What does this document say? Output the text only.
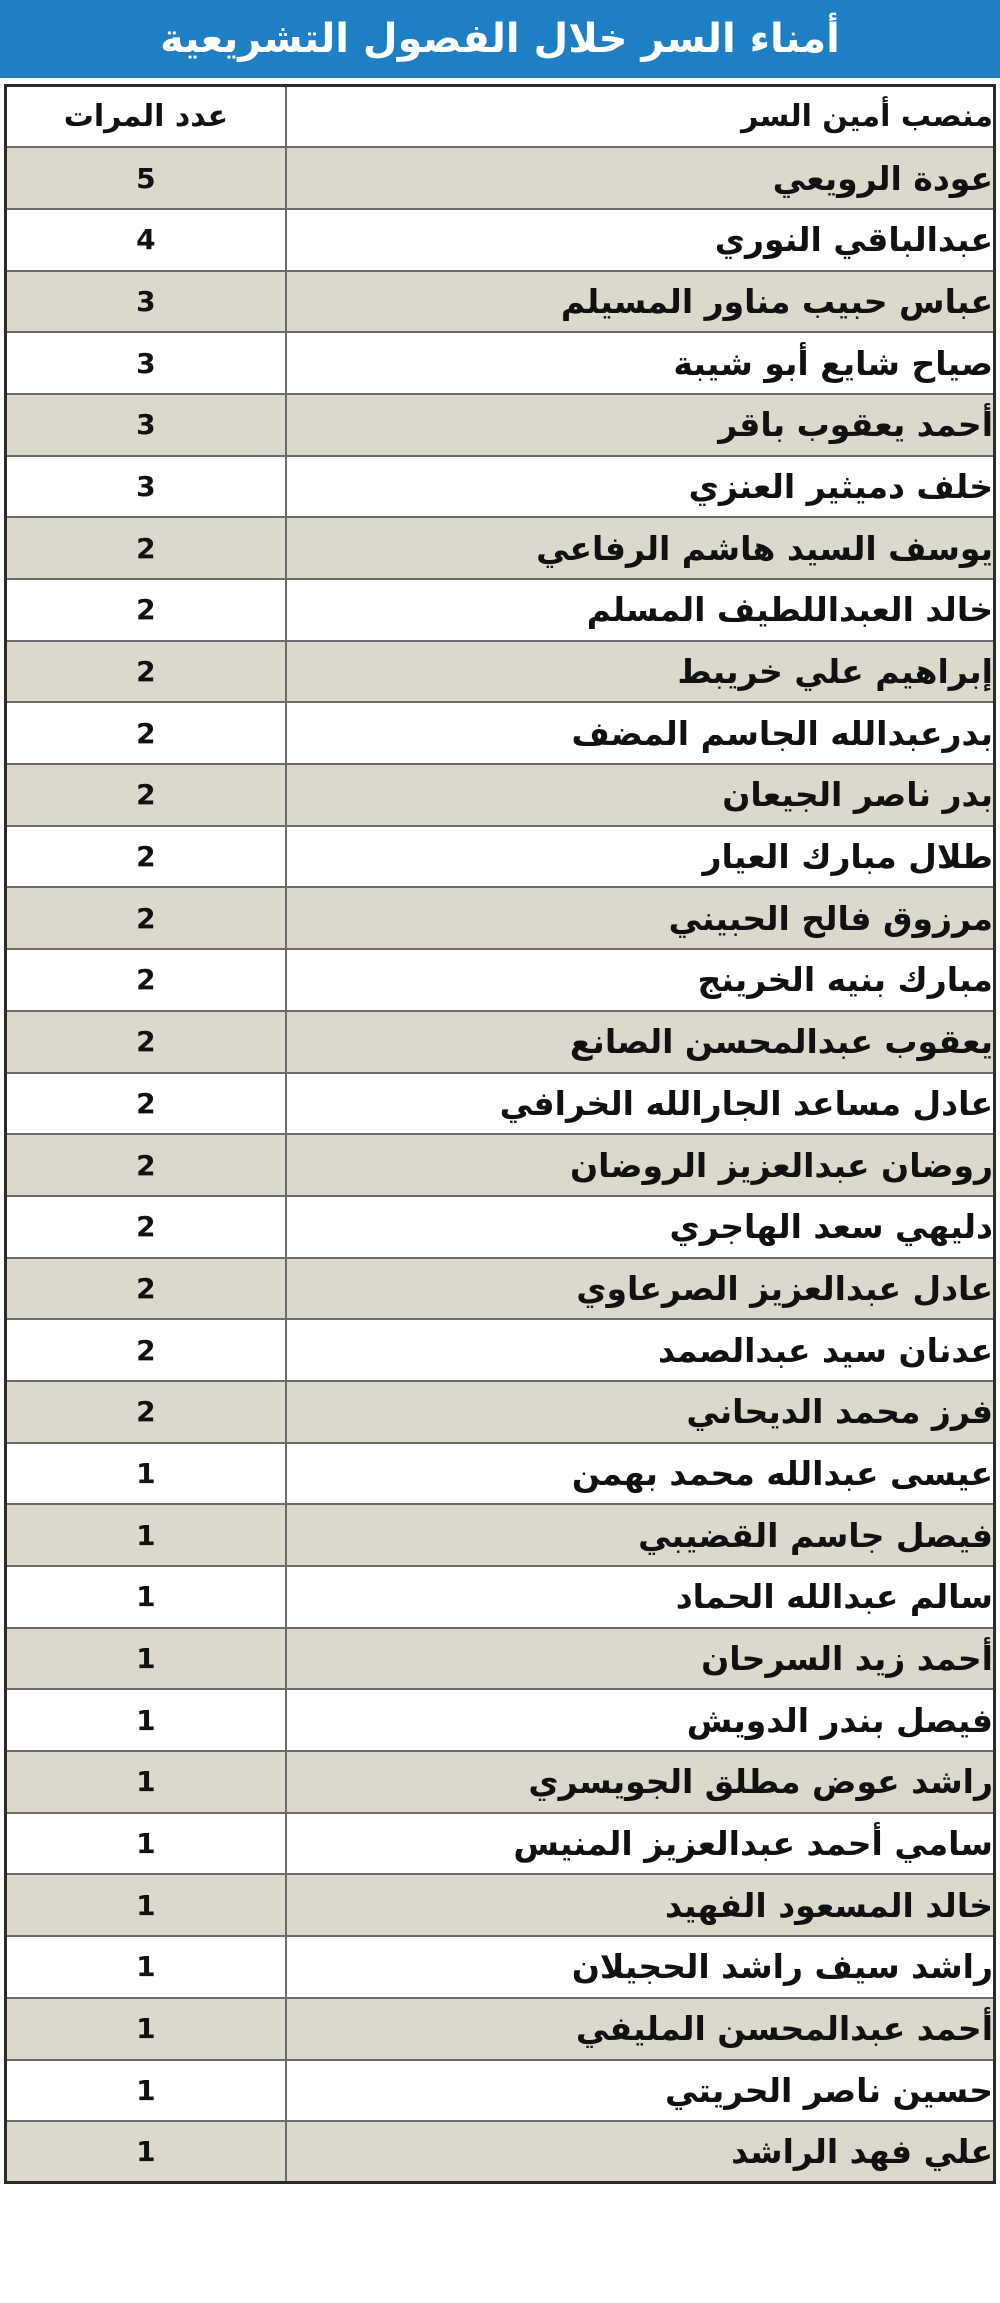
أمناء السر خلال الفصول التشريعية
منصب أمين السر	عدد المرات
عودة الرويعي	5
عبدالباقي النوري	4
عباس حبيب مناور المسيلم	3
صياح شايع أبو شيبة	3
أحمد يعقوب باقر	3
خلف دميثير العنزي	3
يوسف السيد هاشم الرفاعي	2
خالد العبداللطيف المسلم	2
إبراهيم علي خريبط	2
بدرعبدالله الجاسم المضف	2
بدر ناصر الجيعان	2
طلال مبارك العيار	2
مرزوق فالح الحبيني	2
مبارك بنيه الخرينج	2
يعقوب عبدالمحسن الصانع	2
عادل مساعد الجارالله الخرافي	2
روضان عبدالعزيز الروضان	2
دليهي سعد الهاجري	2
عادل عبدالعزيز الصرعاوي	2
عدنان سيد عبدالصمد	2
فرز محمد الديحاني	2
عيسى عبدالله محمد بهمن	1
فيصل جاسم القضيبي	1
سالم عبدالله الحماد	1
أحمد زيد السرحان	1
فيصل بندر الدويش	1
راشد عوض مطلق الجويسري	1
سامي أحمد عبدالعزيز المنيس	1
خالد المسعود الفهيد	1
راشد سيف راشد الحجيلان	1
أحمد عبدالمحسن المليفي	1
حسين ناصر الحريتي	1
علي فهد الراشد	1
